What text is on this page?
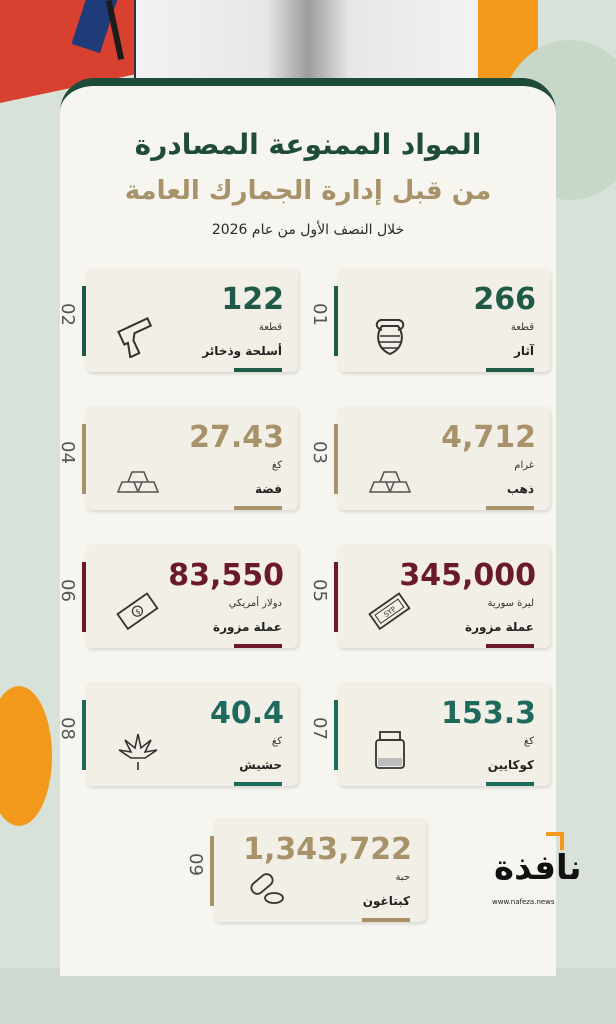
المواد الممنوعة المصادرة
من قبل إدارة الجمارك العامة
خلال النصف الأول من عام 2026
01	266
قطعة
آثار
02	122
قطعة
أسلحة وذخائر
03	4,712
غرام
ذهب
04	27.43
كغ
فضة
05 345,000
ليرة سورية
عملة مزورة
SYP
06	83,550
دولار أمريكي
عملة مزورة
$
07	153.3
كغ
كوكايين
08	40.4
كغ
حشيش
09 1,343,722
حبة
كبتاغون
نافذة
www.nafeza.news
